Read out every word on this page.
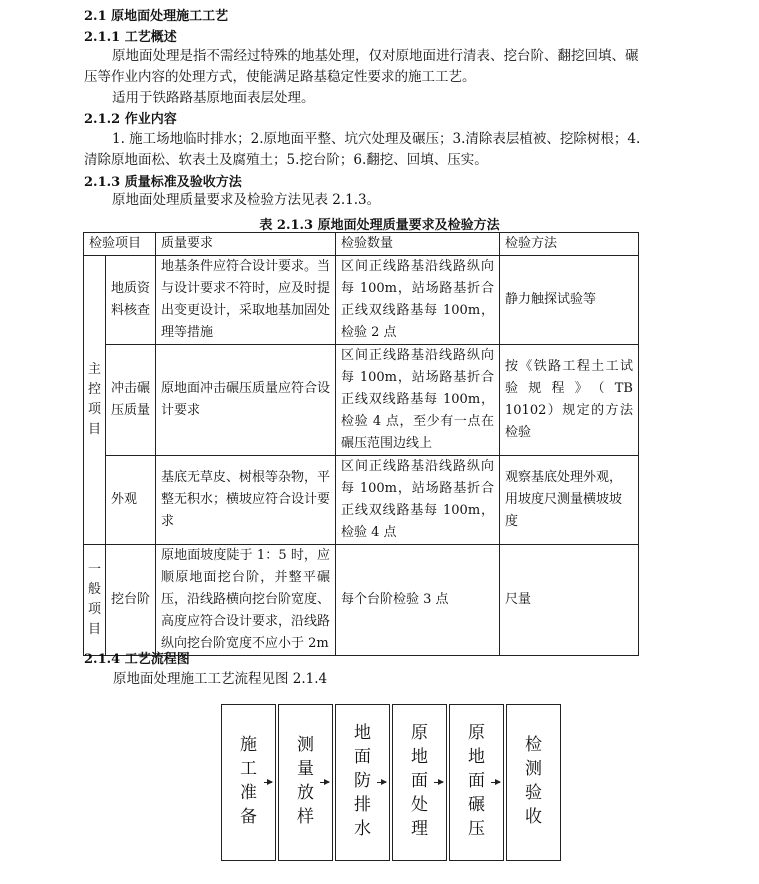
2.1 原地面处理施工工艺
2.1.1 工艺概述
原地面处理是指不需经过特殊的地基处理，仅对原地面进行清表、挖台阶、翻挖回填、碾压等作业内容的处理方式，使能满足路基稳定性要求的施工工艺。
适用于铁路路基原地面表层处理。
2.1.2 作业内容
1. 施工场地临时排水；2.原地面平整、坑穴处理及碾压；3.清除表层植被、挖除树根；4.清除原地面松、软表土及腐殖土；5.挖台阶；6.翻挖、回填、压实。
2.1.3 质量标准及验收方法
原地面处理质量要求及检验方法见表 2.1.3。
表 2.1.3 原地面处理质量要求及检验方法
检验项目		质量要求	检验数量	检验方法

主控项目	地质资料核查	地基条件应符合设计要求。当与设计要求不符时，应及时提出变更设计，采取地基加固处理等措施	区间正线路基沿线路纵向每 100m，站场路基折合正线双线路基每 100m，检验 2 点	静力触探试验等
	冲击碾压质量	原地面冲击碾压质量应符合设计要求	区间正线路基沿线路纵向每 100m，站场路基折合正线双线路基每 100m，检验 4 点，至少有一点在碾压范围边线上	按《铁路工程土工试验规程》（TB 10102）规定的方法检验
	外观	基底无草皮、树根等杂物，平整无积水；横坡应符合设计要求	区间正线路基沿线路纵向每 100m，站场路基折合正线双线路基每 100m，检验 4 点	观察基底处理外观，用坡度尺测量横坡坡度

一般项目	挖台阶	原地面坡度陡于 1：5 时，应顺原地面挖台阶，并整平碾压，沿线路横向挖台阶宽度、高度应符合设计要求，沿线路纵向挖台阶宽度不应小于 2m	每个台阶检验 3 点	尺量
2.1.4 工艺流程图
原地面处理施工工艺流程见图 2.1.4
施工准备
测量放样
地面防排水
原地面处理
原地面碾压
检测验收
